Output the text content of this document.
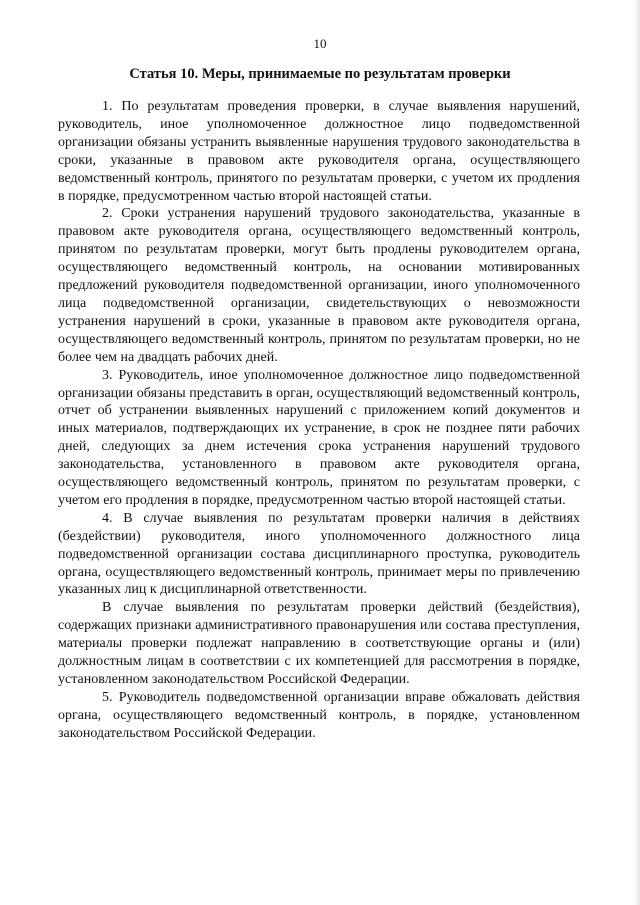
10
Статья 10. Меры, принимаемые по результатам проверки

1. По результатам проведения проверки, в случае выявления нарушений, руководитель, иное уполномоченное должностное лицо подведомственной организации обязаны устранить выявленные нарушения трудового законодательства в сроки, указанные в правовом акте руководителя органа, осуществляющего ведомственный контроль, принятого по результатам проверки, с учетом их продления в порядке, предусмотренном частью второй настоящей статьи.

2. Сроки устранения нарушений трудового законодательства, указанные в правовом акте руководителя органа, осуществляющего ведомственный контроль, принятом по результатам проверки, могут быть продлены руководителем органа, осуществляющего ведомственный контроль, на основании мотивированных предложений руководителя подведомственной организации, иного уполномоченного лица подведомственной организации, свидетельствующих о невозможности устранения нарушений в сроки, указанные в правовом акте руководителя органа, осуществляющего ведомственный контроль, принятом по результатам проверки, но не более чем на двадцать рабочих дней.

3. Руководитель, иное уполномоченное должностное лицо подведомственной организации обязаны представить в орган, осуществляющий ведомственный контроль, отчет об устранении выявленных нарушений с приложением копий документов и иных материалов, подтверждающих их устранение, в срок не позднее пяти рабочих дней, следующих за днем истечения срока устранения нарушений трудового законодательства, установленного в правовом акте руководителя органа, осуществляющего ведомственный контроль, принятом по результатам проверки, с учетом его продления в порядке, предусмотренном частью второй настоящей статьи.

4. В случае выявления по результатам проверки наличия в действиях (бездействии) руководителя, иного уполномоченного должностного лица подведомственной организации состава дисциплинарного проступка, руководитель органа, осуществляющего ведомственный контроль, принимает меры по привлечению указанных лиц к дисциплинарной ответственности.

В случае выявления по результатам проверки действий (бездействия), содержащих признаки административного правонарушения или состава преступления, материалы проверки подлежат направлению в соответствующие органы и (или) должностным лицам в соответствии с их компетенцией для рассмотрения в порядке, установленном законодательством Российской Федерации.

5. Руководитель подведомственной организации вправе обжаловать действия органа, осуществляющего ведомственный контроль, в порядке, установленном законодательством Российской Федерации.
